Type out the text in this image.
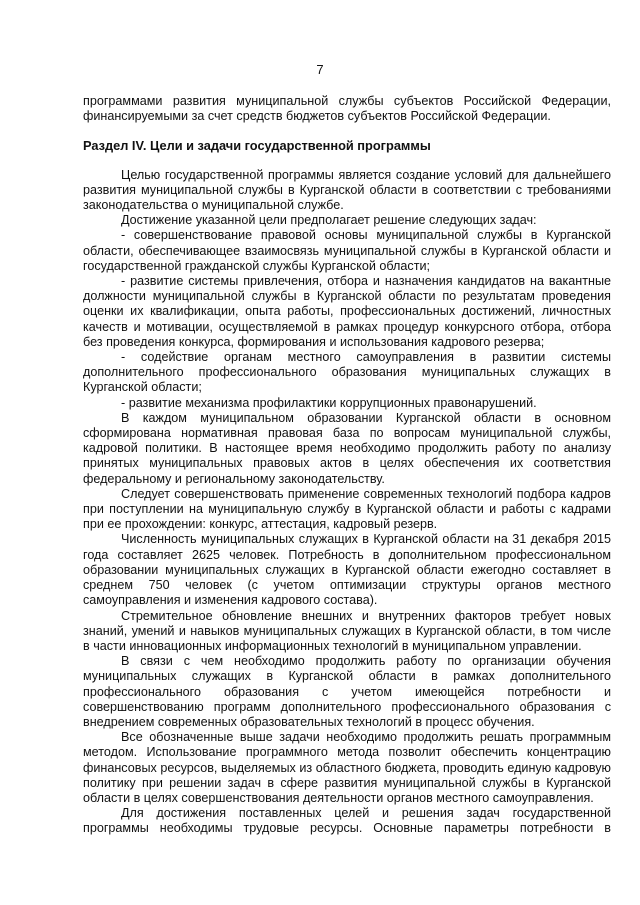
7

программами развития муниципальной службы субъектов Российской Федерации, финансируемыми за счет средств бюджетов субъектов Российской Федерации.

Раздел IV. Цели и задачи государственной программы

Целью государственной программы является создание условий для дальнейшего развития муниципальной службы в Курганской области в соответствии с требованиями законодательства о муниципальной службе.

Достижение указанной цели предполагает решение следующих задач:

- совершенствование правовой основы муниципальной службы в Курганской области, обеспечивающее взаимосвязь муниципальной службы в Курганской области и государственной гражданской службы Курганской области;

- развитие системы привлечения, отбора и назначения кандидатов на вакантные должности муниципальной службы в Курганской области по результатам проведения оценки их квалификации, опыта работы, профессиональных достижений, личностных качеств и мотивации, осуществляемой в рамках процедур конкурсного отбора, отбора без проведения конкурса, формирования и использования кадрового резерва;

- содействие органам местного самоуправления в развитии системы дополнительного профессионального образования муниципальных служащих в Курганской области;

- развитие механизма профилактики коррупционных правонарушений.

В каждом муниципальном образовании Курганской области в основном сформирована нормативная правовая база по вопросам муниципальной службы, кадровой политики. В настоящее время необходимо продолжить работу по анализу принятых муниципальных правовых актов в целях обеспечения их соответствия федеральному и региональному законодательству.

Следует совершенствовать применение современных технологий подбора кадров при поступлении на муниципальную службу в Курганской области и работы с кадрами при ее прохождении: конкурс, аттестация, кадровый резерв.

Численность муниципальных служащих в Курганской области на 31 декабря 2015 года составляет 2625 человек. Потребность в дополнительном профессиональном образовании муниципальных служащих в Курганской области ежегодно составляет в среднем 750 человек (с учетом оптимизации структуры органов местного самоуправления и изменения кадрового состава).

Стремительное обновление внешних и внутренних факторов требует новых знаний, умений и навыков муниципальных служащих в Курганской области, в том числе в части инновационных информационных технологий в муниципальном управлении.

В связи с чем необходимо продолжить работу по организации обучения муниципальных служащих в Курганской области в рамках дополнительного профессионального образования с учетом имеющейся потребности и совершенствованию программ дополнительного профессионального образования с внедрением современных образовательных технологий в процесс обучения.

Все обозначенные выше задачи необходимо продолжить решать программным методом. Использование программного метода позволит обеспечить концентрацию финансовых ресурсов, выделяемых из областного бюджета, проводить единую кадровую политику при решении задач в сфере развития муниципальной службы в Курганской области в целях совершенствования деятельности органов местного самоуправления.

Для достижения поставленных целей и решения задач государственной программы необходимы трудовые ресурсы. Основные параметры потребности в
